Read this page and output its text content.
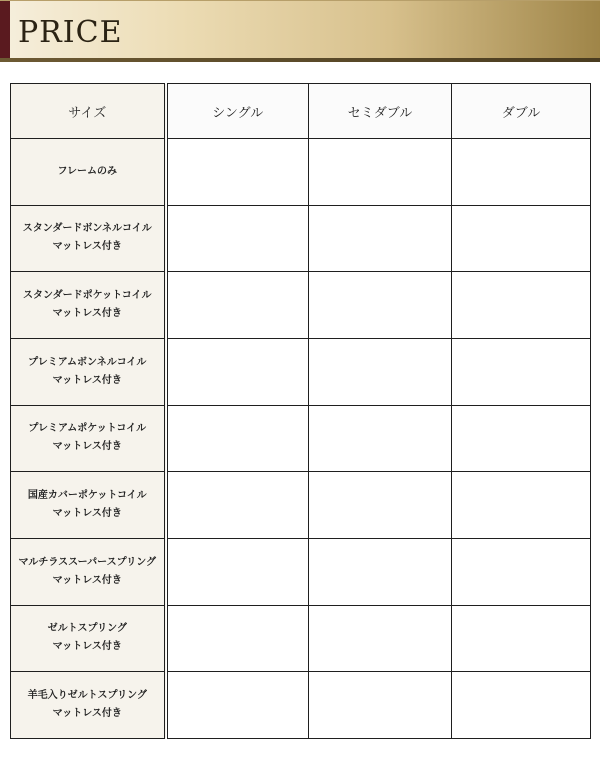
PRICE
サイズ	シングル	セミダブル	ダブル

フレームのみ			

スタンダードボンネルコイル
マットレス付き			

スタンダードポケットコイル
マットレス付き			

プレミアムボンネルコイル
マットレス付き			

プレミアムポケットコイル
マットレス付き			

国産カバーポケットコイル
マットレス付き			

マルチラススーパースプリング
マットレス付き			

ゼルトスプリング
マットレス付き			

羊毛入りゼルトスプリング
マットレス付き			
